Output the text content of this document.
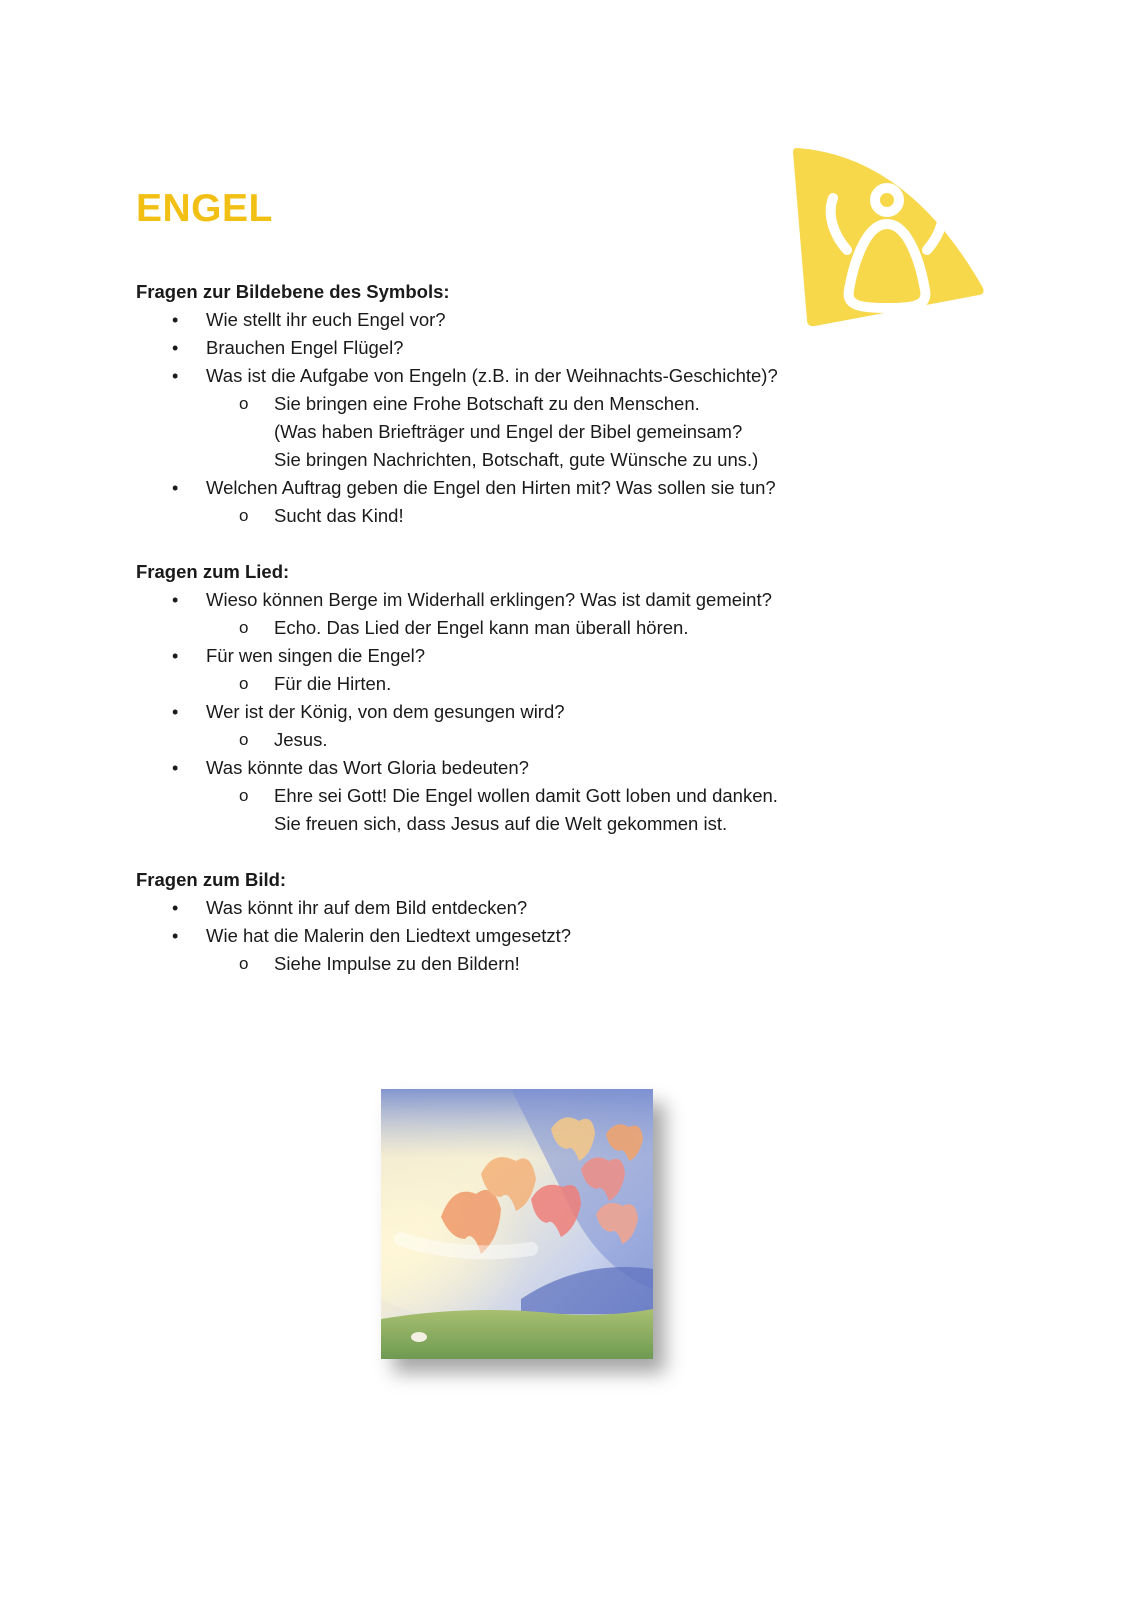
ENGEL
Fragen zur Bildebene des Symbols:
• Wie stellt ihr euch Engel vor?
• Brauchen Engel Flügel?
• Was ist die Aufgabe von Engeln (z.B. in der Weihnachts-Geschichte)?
o Sie bringen eine Frohe Botschaft zu den Menschen.
(Was haben Briefträger und Engel der Bibel gemeinsam?
Sie bringen Nachrichten, Botschaft, gute Wünsche zu uns.)
• Welchen Auftrag geben die Engel den Hirten mit? Was sollen sie tun?
o Sucht das Kind!
Fragen zum Lied:
• Wieso können Berge im Widerhall erklingen? Was ist damit gemeint?
o Echo. Das Lied der Engel kann man überall hören.
• Für wen singen die Engel?
o Für die Hirten.
• Wer ist der König, von dem gesungen wird?
o Jesus.
• Was könnte das Wort Gloria bedeuten?
o Ehre sei Gott! Die Engel wollen damit Gott loben und danken.
Sie freuen sich, dass Jesus auf die Welt gekommen ist.
Fragen zum Bild:
• Was könnt ihr auf dem Bild entdecken?
• Wie hat die Malerin den Liedtext umgesetzt?
o Siehe Impulse zu den Bildern!
